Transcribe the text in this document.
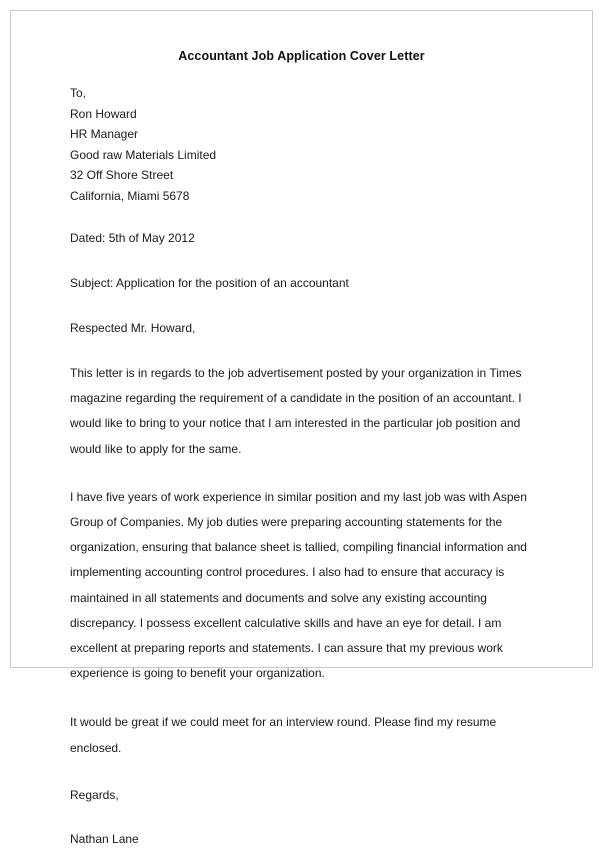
Accountant Job Application Cover Letter
To,
Ron Howard
HR Manager
Good raw Materials Limited
32 Off Shore Street
California, Miami 5678
Dated: 5th of May 2012
Subject: Application for the position of an accountant
Respected Mr. Howard,
This letter is in regards to the job advertisement posted by your organization in Times magazine regarding the requirement of a candidate in the position of an accountant. I would like to bring to your notice that I am interested in the particular job position and would like to apply for the same.
I have five years of work experience in similar position and my last job was with Aspen Group of Companies. My job duties were preparing accounting statements for the organization, ensuring that balance sheet is tallied, compiling financial information and implementing accounting control procedures. I also had to ensure that accuracy is maintained in all statements and documents and solve any existing accounting discrepancy. I possess excellent calculative skills and have an eye for detail. I am excellent at preparing reports and statements. I can assure that my previous work experience is going to benefit your organization.
It would be great if we could meet for an interview round. Please find my resume enclosed.
Regards,
Nathan Lane
